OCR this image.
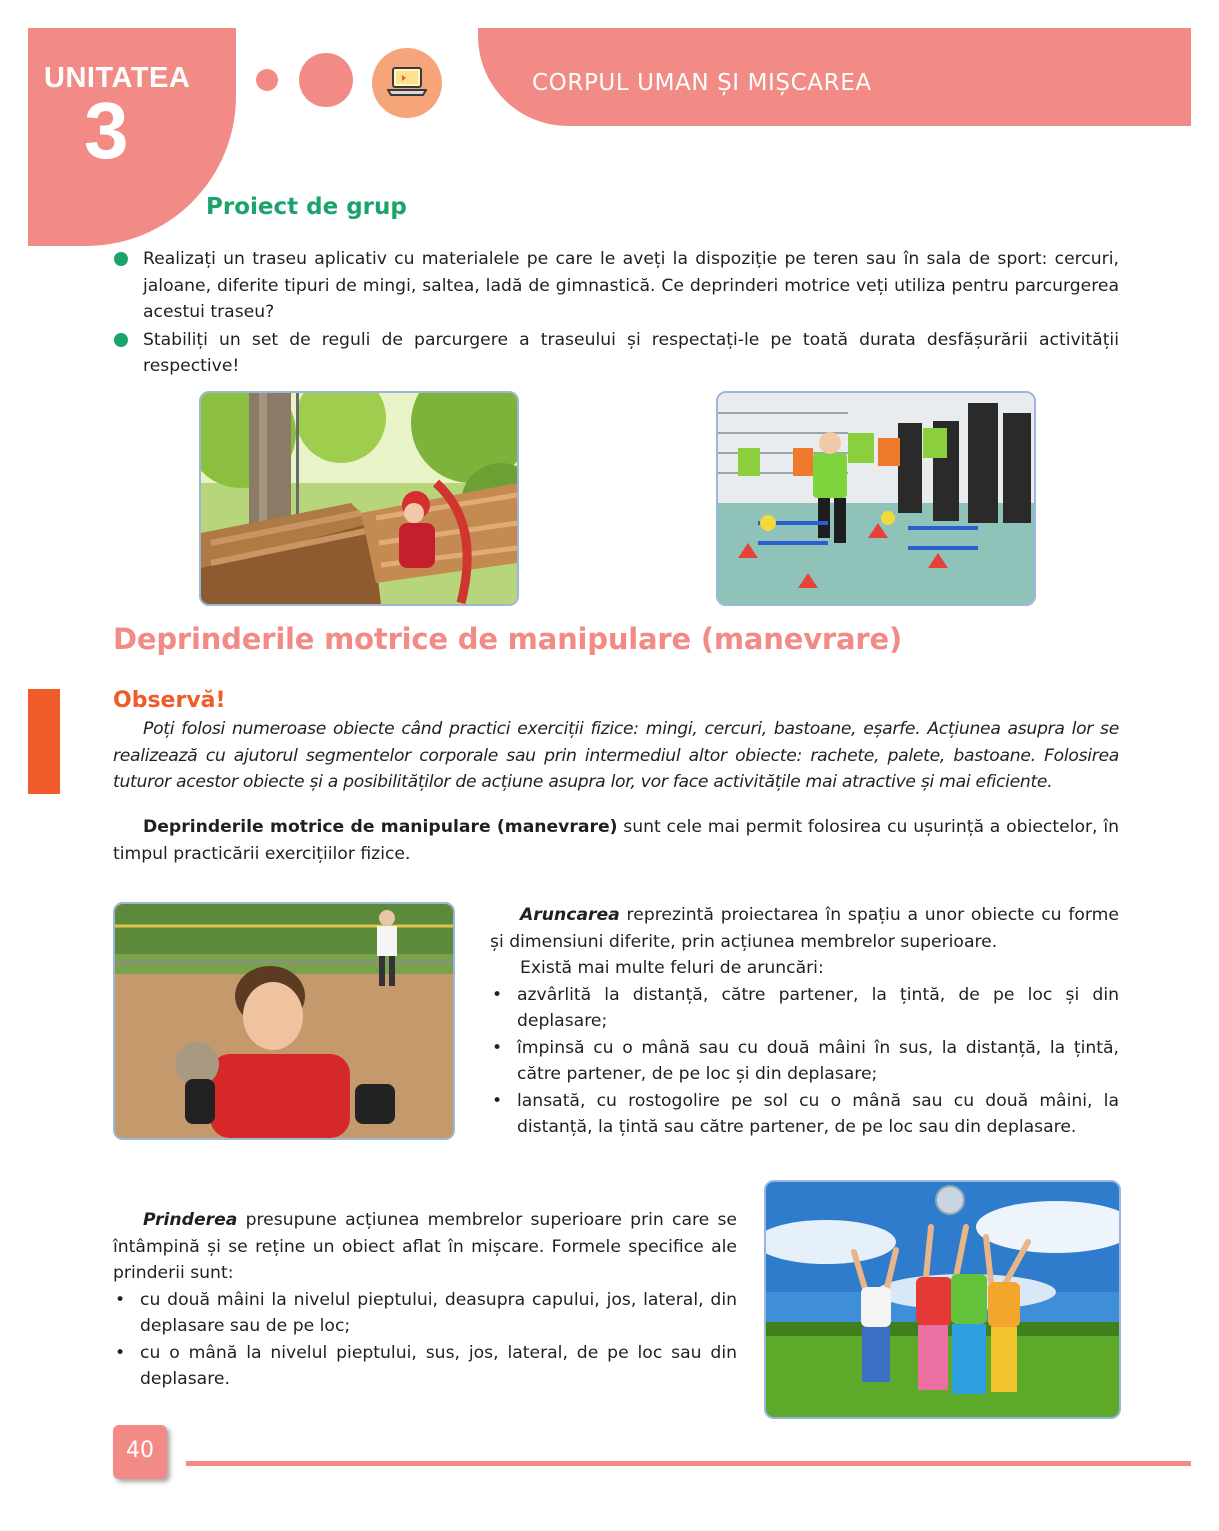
UNITATEA
3
CORPUL UMAN ȘI MIȘCAREA
Proiect de grup
Realizați un traseu aplicativ cu materialele pe care le aveți la dispoziție pe teren sau în sala de sport: cercuri, jaloane, diferite tipuri de mingi, saltea, ladă de gimnastică. Ce deprinderi motrice veți utiliza pentru parcurgerea acestui traseu?
Stabiliți un set de reguli de parcurgere a traseului și respectați-le pe toată durata desfășurării activității respective!
Deprinderile motrice de manipulare (manevrare)
Observă!

Poți folosi numeroase obiecte când practici exerciții fizice: mingi, cercuri, bastoane, eșarfe. Acțiunea asupra lor se realizează cu ajutorul segmentelor corporale sau prin intermediul altor obiecte: rachete, palete, bastoane. Folosirea tuturor acestor obiecte și a posibilităților de acțiune asupra lor, vor face activitățile mai atractive și mai eficiente.

Deprinderile motrice de manipulare (manevrare) sunt cele mai permit folosirea cu ușurință a obiectelor, în timpul practicării exercițiilor fizice.

Aruncarea reprezintă proiectarea în spațiu a unor obiecte cu forme și dimensiuni diferite, prin acțiunea membrelor superioare.

Există mai multe feluri de aruncări:

• azvârlită la distanță, către partener, la țintă, de pe loc și din deplasare;
• împinsă cu o mână sau cu două mâini în sus, la distanță, la țintă, către partener, de pe loc și din deplasare;
• lansată, cu rostogolire pe sol cu o mână sau cu două mâini, la distanță, la țintă sau către partener, de pe loc sau din deplasare.

Prinderea presupune acțiunea membrelor superioare prin care se întâmpină și se reține un obiect aflat în mișcare. Formele specifice ale prinderii sunt:

• cu două mâini la nivelul pieptului, deasupra capului, jos, lateral, din deplasare sau de pe loc;
• cu o mână la nivelul pieptului, sus, jos, lateral, de pe loc sau din deplasare.
40
